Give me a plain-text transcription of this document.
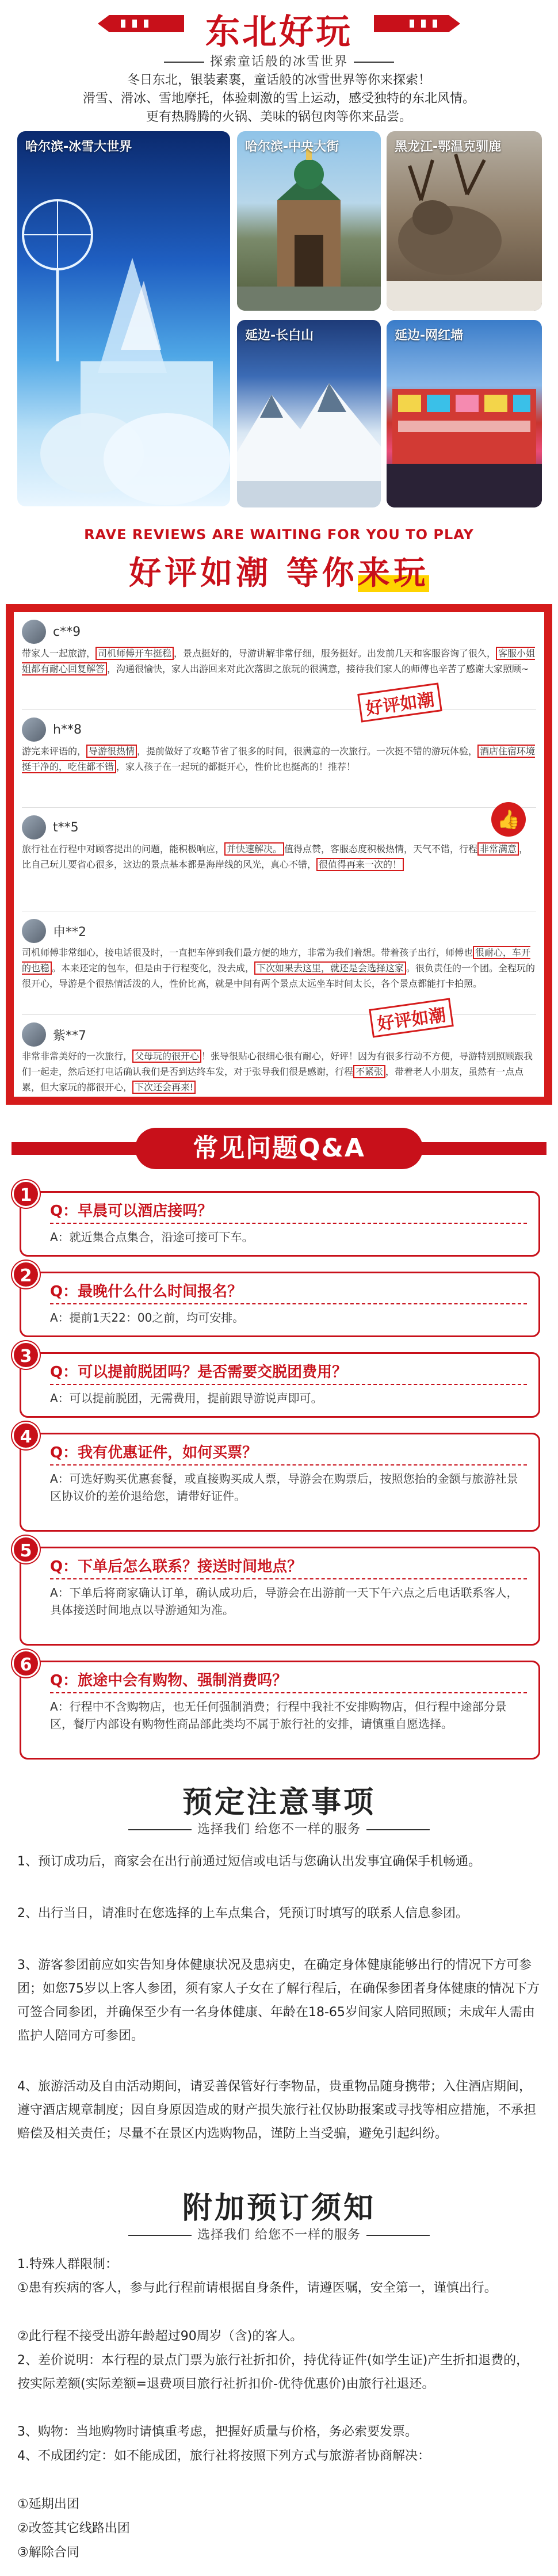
东北好玩
探索童话般的冰雪世界
冬日东北，银装素裹，童话般的冰雪世界等你来探索！
滑雪、滑冰、雪地摩托，体验刺激的雪上运动，感受独特的东北风情。
更有热腾腾的火锅、美味的锅包肉等你来品尝。
哈尔滨-冰雪大世界	哈尔滨-中央大街	黑龙江-鄂温克驯鹿
延边-长白山	延边-网红墙
RAVE REVIEWS ARE WAITING FOR YOU TO PLAY
好评如潮 等你来玩
c**9
带家人一起旅游， 司机师傅开车挺稳 ，景点挺好的，导游讲解非常仔细，服务挺好。出发前几天和客服咨询了很久， 客服小姐姐都有耐心回复解答 ，沟通很愉快，家人出游回来对此次落脚之旅玩的很满意，接待我们家人的师傅也辛苦了感谢大家照顾~
好评如潮
h**8
游完来评语的， 导游很热情 ，提前做好了攻略节省了很多的时间，很满意的一次旅行。一次挺不错的游玩体验， 酒店住宿环境挺干净的，吃住都不错 ，家人孩子在一起玩的都挺开心，性价比也挺高的！推荐！
👍
t**5
旅行社在行程中对顾客提出的问题，能积极响应， 并快速解决。 值得点赞，客服态度积极热情，天气不错，行程 非常满意 ，比自己玩儿要省心很多，这边的景点基本都是海岸线的风光，真心不错， 很值得再来一次的！
申**2
司机师傅非常细心，接电话很及时，一直把车停到我们最方便的地方，非常为我们着想。带着孩子出行，师傅也 很耐心，车开的也稳 。本来还定的包车，但是由于行程变化，没去成， 下次如果去这里，就还是会选择这家 。很负责任的一个团。全程玩的很开心，导游是个很热情活泼的人，性价比高，就是中间有两个景点太远坐车时间太长，各个景点都能打卡拍照。
好评如潮
紫**7
非常非常美好的一次旅行， 父母玩的很开心 ！张导很贴心很细心很有耐心，好评！因为有很多行动不方便，导游特别照顾跟我们一起走，然后还打电话确认我们是否到达终车发，对于张导我们很是感谢，行程 不紧张 ，带着老人小朋友，虽然有一点点累，但大家玩的都很开心， 下次还会再来!
常见问题Q&A
1
Q：早晨可以酒店接吗？
A：就近集合点集合，沿途可接可下车。
2
Q：最晚什么什么时间报名？
A：提前1天22：00之前，均可安排。
3
Q：可以提前脱团吗？是否需要交脱团费用？
A：可以提前脱团，无需费用，提前跟导游说声即可。
4
Q：我有优惠证件，如何买票？
A：可选好购买优惠套餐，或直接购买成人票，导游会在购票后，按照您抬的金额与旅游社景区协议价的差价退给您，请带好证件。
5
Q：下单后怎么联系？接送时间地点？
A：下单后将商家确认订单，确认成功后，导游会在出游前一天下午六点之后电话联系客人，具体接送时间地点以导游通知为准。
6
Q：旅途中会有购物、强制消费吗？
A：行程中不含购物店，也无任何强制消费；行程中我社不安排购物店，但行程中途部分景区，餐厅内部设有购物性商品部此类均不属于旅行社的安排，请慎重自愿选择。
预定注意事项
选择我们 给您不一样的服务
1、预订成功后，商家会在出行前通过短信或电话与您确认出发事宜确保手机畅通。
2、出行当日，请准时在您选择的上车点集合，凭预订时填写的联系人信息参团。
3、游客参团前应如实告知身体健康状况及患病史，在确定身体健康能够出行的情况下方可参团；如您75岁以上客人参团，须有家人子女在了解行程后，在确保参团者身体健康的情况下方可签合同参团，并确保至少有一名身体健康、年龄在18-65岁间家人陪同照顾；未成年人需由监护人陪同方可参团。
4、旅游活动及自由活动期间，请妥善保管好行李物品，贵重物品随身携带；入住酒店期间，遵守酒店规章制度；因自身原因造成的财产损失旅行社仅协助报案或寻找等相应措施，不承担赔偿及相关责任；尽量不在景区内选购物品，谨防上当受骗，避免引起纠纷。
附加预订须知
选择我们 给您不一样的服务
1.特殊人群限制：
①患有疾病的客人，参与此行程前请根据自身条件，请遵医嘱，安全第一，谨慎出行。
②此行程不接受出游年龄超过90周岁（含)的客人。
2、差价说明：本行程的景点门票为旅行社折扣价，持优待证件(如学生证)产生折扣退费的，按实际差额(实际差额=退费项目旅行社折扣价-优待优惠价)由旅行社退还。
3、购物：当地购物时请慎重考虑，把握好质量与价格，务必索要发票。
4、不成团约定：如不能成团，旅行社将按照下列方式与旅游者协商解决：
①延期出团
②改签其它线路出团
③解除合同
